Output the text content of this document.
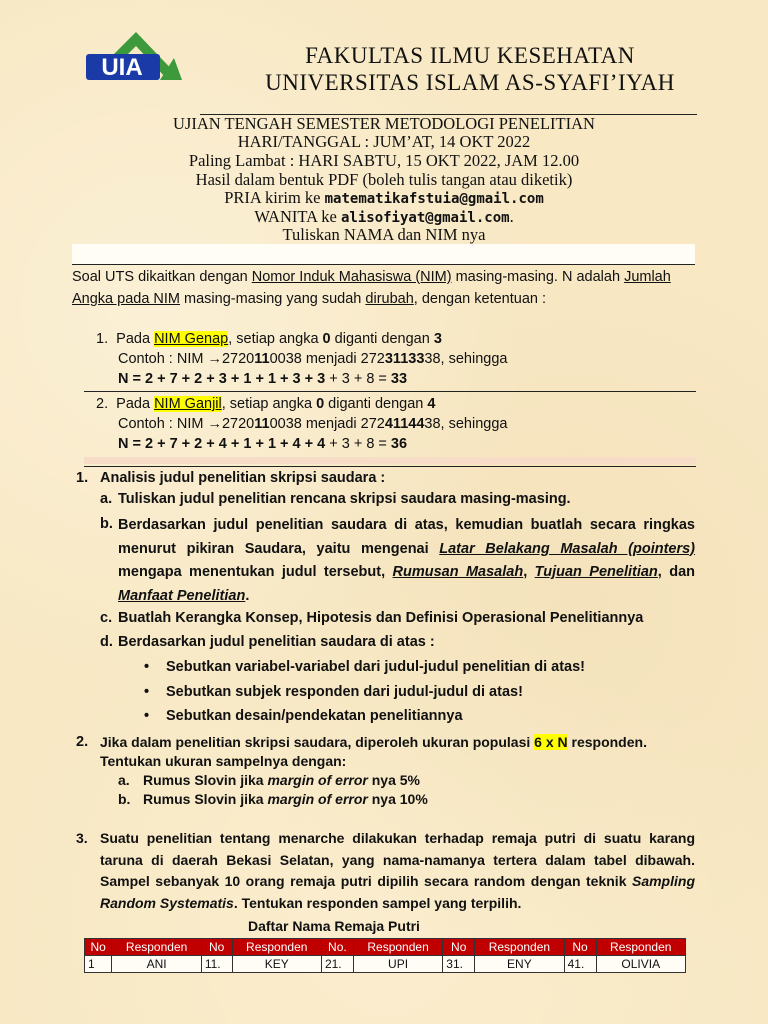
UIA	FAKULTAS ILMU KESEHATAN
UNIVERSITAS ISLAM AS-SYAFI’IYAH
UJIAN TENGAH SEMESTER METODOLOGI PENELITIAN
HARI/TANGGAL : JUM’AT, 14 OKT 2022
Paling Lambat : HARI SABTU, 15 OKT 2022, JAM 12.00
Hasil dalam bentuk PDF (boleh tulis tangan atau diketik)
PRIA kirim ke matematikafstuia@gmail.com
WANITA ke alisofiyat@gmail.com.
Tuliskan NAMA dan NIM nya
Soal UTS dikaitkan dengan Nomor Induk Mahasiswa (NIM) masing-masing. N adalah Jumlah Angka pada NIM masing-masing yang sudah dirubah, dengan ketentuan :
1. Pada NIM Genap, setiap angka 0 diganti dengan 3
Contoh : NIM →2720110038 menjadi 2723113338, sehingga
N = 2 + 7 + 2 + 3 + 1 + 1 + 3 + 3 + 3 + 8 = 33
2. Pada NIM Ganjil, setiap angka 0 diganti dengan 4
Contoh : NIM →2720110038 menjadi 2724114438, sehingga
N = 2 + 7 + 2 + 4 + 1 + 1 + 4 + 4 + 3 + 8 = 36
1. Analisis judul penelitian skripsi saudara :
a. Tuliskan judul penelitian rencana skripsi saudara masing-masing.
b. Berdasarkan judul penelitian saudara di atas, kemudian buatlah secara ringkas menurut pikiran Saudara, yaitu mengenai Latar Belakang Masalah (pointers) mengapa menentukan judul tersebut, Rumusan Masalah, Tujuan Penelitian, dan Manfaat Penelitian.
c. Buatlah Kerangka Konsep, Hipotesis dan Definisi Operasional Penelitiannya
d. Berdasarkan judul penelitian saudara di atas :
• Sebutkan variabel-variabel dari judul-judul penelitian di atas!
• Sebutkan subjek responden dari judul-judul di atas!
• Sebutkan desain/pendekatan penelitiannya
2. Jika dalam penelitian skripsi saudara, diperoleh ukuran populasi 6 x N responden.
Tentukan ukuran sampelnya dengan:
a. Rumus Slovin jika margin of error nya 5%
b. Rumus Slovin jika margin of error nya 10%
3. Suatu penelitian tentang menarche dilakukan terhadap remaja putri di suatu karang taruna di daerah Bekasi Selatan, yang nama-namanya tertera dalam tabel dibawah. Sampel sebanyak 10 orang remaja putri dipilih secara random dengan teknik Sampling Random Systematis. Tentukan responden sampel yang terpilih.
Daftar Nama Remaja Putri
No	Responden	No	Responden	No.	Responden	No	Responden	No	Responden
1	ANI	11.	KEY	21.	UPI	31.	ENY	41.	OLIVIA
